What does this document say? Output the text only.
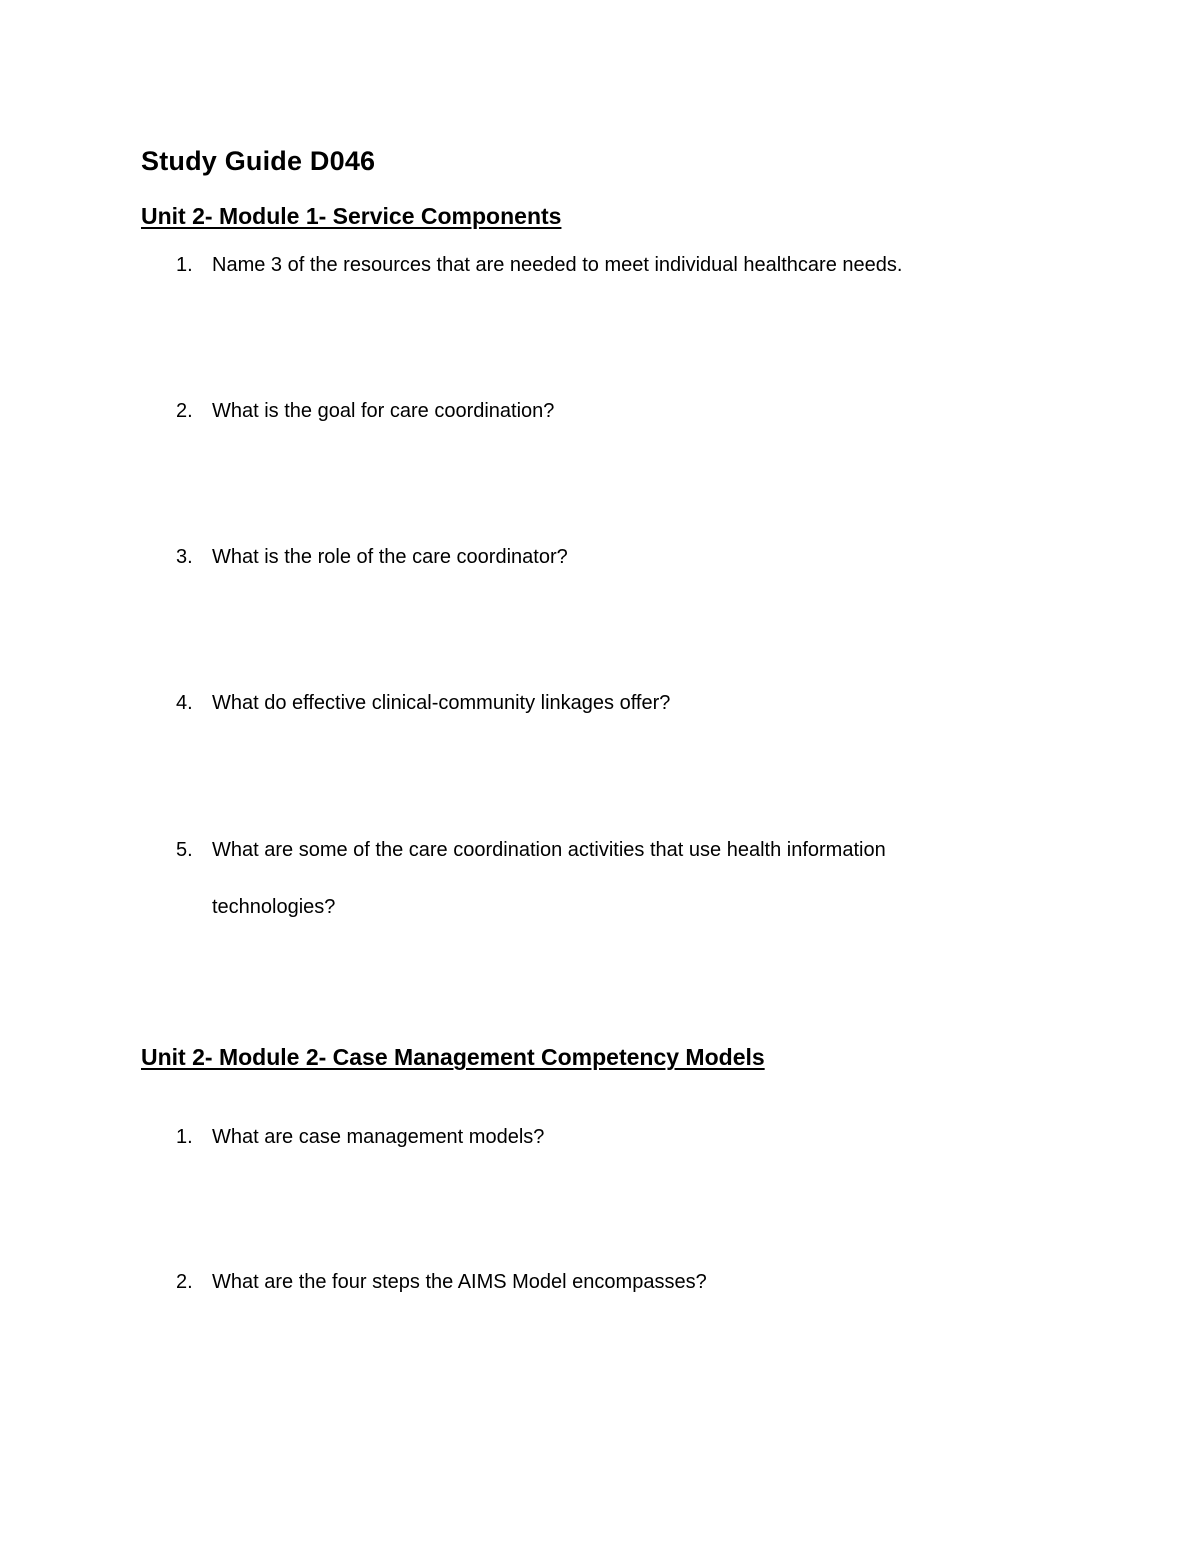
Study Guide D046
Unit 2- Module 1- Service Components
1. Name 3 of the resources that are needed to meet individual healthcare needs.
2. What is the goal for care coordination?
3. What is the role of the care coordinator?
4. What do effective clinical-community linkages offer?
5. What are some of the care coordination activities that use health information technologies?
Unit 2- Module 2- Case Management Competency Models
1. What are case management models?
2. What are the four steps the AIMS Model encompasses?
